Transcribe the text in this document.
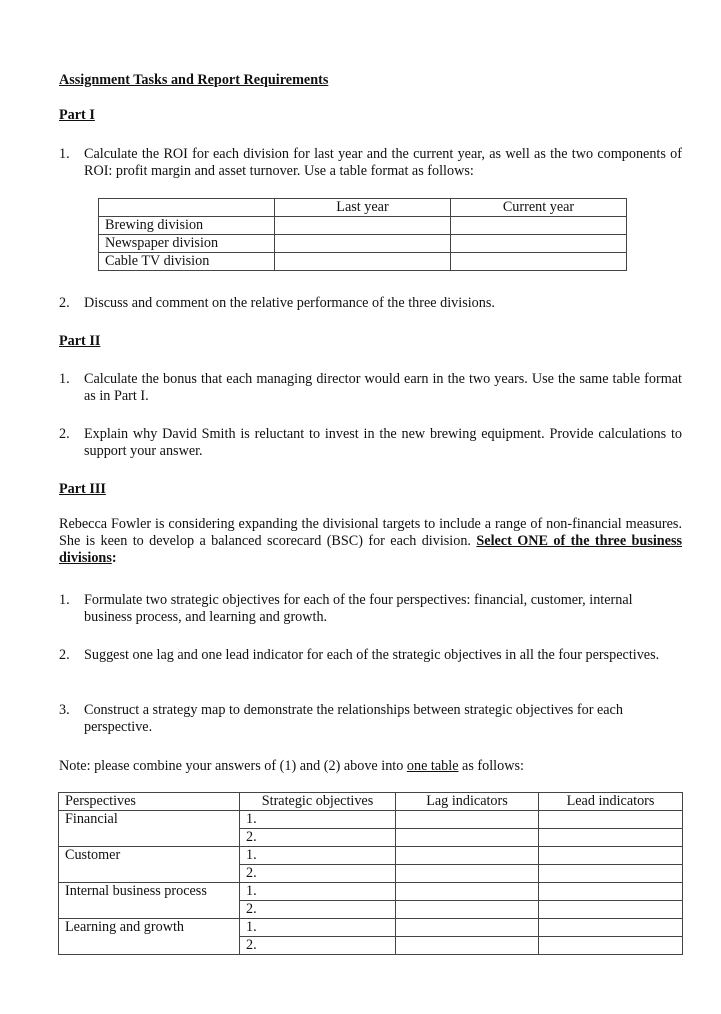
Assignment Tasks and Report Requirements
Part I
1. Calculate the ROI for each division for last year and the current year, as well as the two components of ROI: profit margin and asset turnover. Use a table format as follows:
	Last year	Current year
Brewing division		
Newspaper division		
Cable TV division		
2. Discuss and comment on the relative performance of the three divisions.
Part II
1. Calculate the bonus that each managing director would earn in the two years. Use the same table format as in Part I.
2. Explain why David Smith is reluctant to invest in the new brewing equipment. Provide calculations to support your answer.
Part III
Rebecca Fowler is considering expanding the divisional targets to include a range of non-financial measures. She is keen to develop a balanced scorecard (BSC) for each division. Select ONE of the three business divisions:
1. Formulate two strategic objectives for each of the four perspectives: financial, customer, internal business process, and learning and growth.
2. Suggest one lag and one lead indicator for each of the strategic objectives in all the four perspectives.
3. Construct a strategy map to demonstrate the relationships between strategic objectives for each perspective.
Note: please combine your answers of (1) and (2) above into one table as follows:
Perspectives	Strategic objectives	Lag indicators	Lead indicators
Financial	1.		
	2.		
Customer	1.		
	2.		
Internal business process	1.		
	2.		
Learning and growth	1.		
	2.		
